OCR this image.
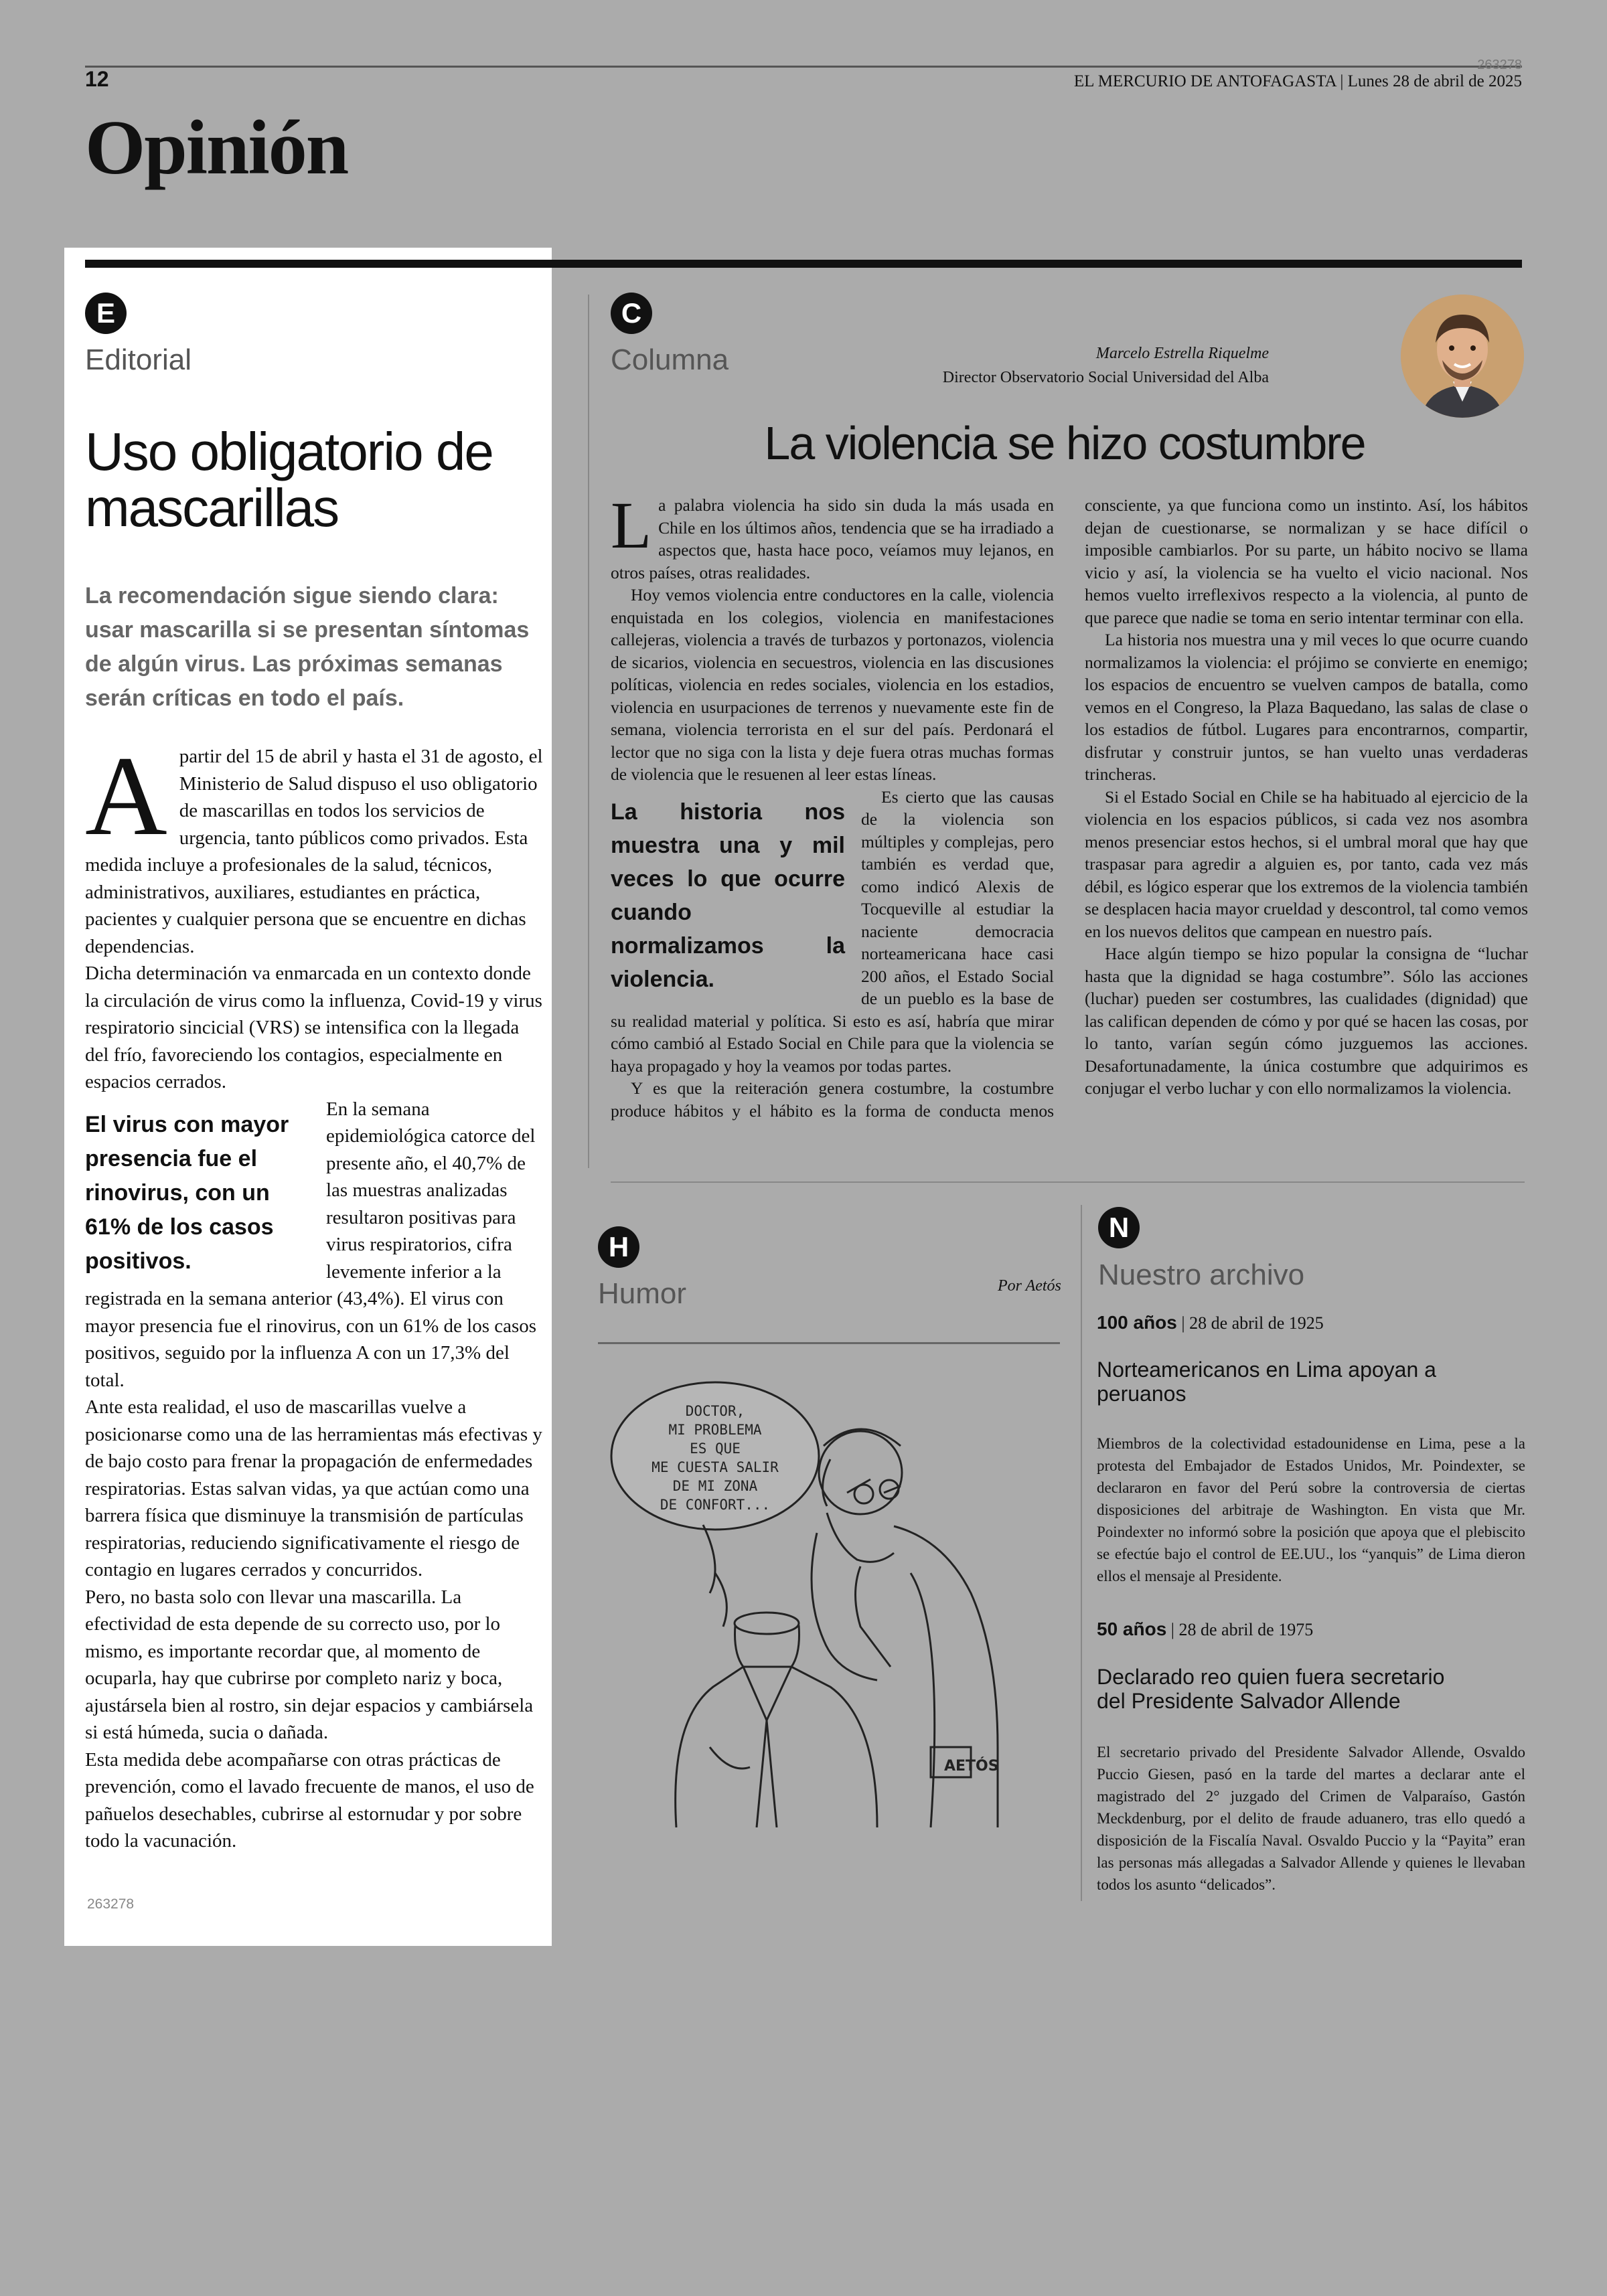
12
263278
EL MERCURIO DE ANTOFAGASTA | Lunes 28 de abril de 2025
Opinión
E
Editorial
Uso obligatorio de mascarillas
La recomendación sigue siendo clara: usar mascarilla si se presentan síntomas de algún virus. Las próximas semanas serán críticas en todo el país.

Apartir del 15 de abril y hasta el 31 de agosto, el Ministerio de Salud dispuso el uso obligatorio de mascarillas en todos los servicios de urgencia, tanto públicos como privados. Esta medida incluye a profesionales de la salud, técnicos, administrativos, auxiliares, estudiantes en práctica, pacientes y cualquier persona que se encuentre en dichas dependencias.

Dicha determinación va enmarcada en un contexto donde la circulación de virus como la influenza, Covid-19 y virus respiratorio sincicial (VRS) se intensifica con la llegada del frío, favoreciendo los contagios, especialmente en espacios cerrados.

El virus con mayor presencia fue el rinovirus, con un 61% de los casos positivos.

En la semana epidemiológica catorce del presente año, el 40,7% de las muestras analizadas resultaron positivas para virus respiratorios, cifra levemente inferior a la registrada en la semana anterior (43,4%). El virus con mayor presencia fue el rinovirus, con un 61% de los casos positivos, seguido por la influenza A con un 17,3% del total.

Ante esta realidad, el uso de mascarillas vuelve a posicionarse como una de las herramientas más efectivas y de bajo costo para frenar la propagación de enfermedades respiratorias. Estas salvan vidas, ya que actúan como una barrera física que disminuye la transmisión de partículas respiratorias, reduciendo significativamente el riesgo de contagio en lugares cerrados y concurridos.

Pero, no basta solo con llevar una mascarilla. La efectividad de esta depende de su correcto uso, por lo mismo, es importante recordar que, al momento de ocuparla, hay que cubrirse por completo nariz y boca, ajustársela bien al rostro, sin dejar espacios y cambiársela si está húmeda, sucia o dañada.

Esta medida debe acompañarse con otras prácticas de prevención, como el lavado frecuente de manos, el uso de pañuelos desechables, cubrirse al estornudar y por sobre todo la vacunación.

263278
C
Columna	Marcelo Estrella Riquelme
Director Observatorio Social Universidad del Alba
La violencia se hizo costumbre

La palabra violencia ha sido sin duda la más usada en Chile en los últimos años, tendencia que se ha irradiado a aspectos que, hasta hace poco, veíamos muy lejanos, en otros países, otras realidades.

Hoy vemos violencia entre conductores en la calle, violencia enquistada en los colegios, violencia en manifestaciones callejeras, violencia a través de turbazos y portonazos, violencia de sicarios, violencia en secuestros, violencia en las discusiones políticas, violencia en redes sociales, violencia en los estadios, violencia en usurpaciones de terrenos y nuevamente este fin de semana, violencia terrorista en el sur del país. Perdonará el lector que no siga con la lista y deje fuera otras muchas formas de violencia que le resuenen al leer estas líneas.

La historia nos muestra una y mil veces lo que ocurre cuando normalizamos la violencia.

Es cierto que las causas de la violencia son múltiples y complejas, pero también es verdad que, como indicó Alexis de Tocqueville al estudiar la naciente democracia norteamericana hace casi 200 años, el Estado Social de un pueblo es la base de su realidad material y política. Si esto es así, habría que mirar cómo cambió al Estado Social en Chile para que la violencia se haya propagado y hoy la veamos por todas partes.

Y es que la reiteración genera costumbre, la costumbre produce hábitos y el hábito es la forma de conducta menos consciente, ya que funciona como un instinto. Así, los hábitos dejan de cuestionarse, se normalizan y se hace difícil o imposible cambiarlos. Por su parte, un hábito nocivo se llama vicio y así, la violencia se ha vuelto el vicio nacional. Nos hemos vuelto irreflexivos respecto a la violencia, al punto de que parece que nadie se toma en serio intentar terminar con ella.

La historia nos muestra una y mil veces lo que ocurre cuando normalizamos la violencia: el prójimo se convierte en enemigo; los espacios de encuentro se vuelven campos de batalla, como vemos en el Congreso, la Plaza Baquedano, las salas de clase o los estadios de fútbol. Lugares para encontrarnos, compartir, disfrutar y construir juntos, se han vuelto unas verdaderas trincheras.

Si el Estado Social en Chile se ha habituado al ejercicio de la violencia en los espacios públicos, si cada vez nos asombra menos presenciar estos hechos, si el umbral moral que hay que traspasar para agredir a alguien es, por tanto, cada vez más débil, es lógico esperar que los extremos de la violencia también se desplacen hacia mayor crueldad y descontrol, tal como vemos en los nuevos delitos que campean en nuestro país.

Hace algún tiempo se hizo popular la consigna de “luchar hasta que la dignidad se haga costumbre”. Sólo las acciones (luchar) pueden ser costumbres, las cualidades (dignidad) que las califican dependen de cómo y por qué se hacen las cosas, por lo tanto, varían según cómo juzguemos las acciones. Desafortunadamente, la única costumbre que adquirimos es conjugar el verbo luchar y con ello normalizamos la violencia.

H
Humor	Por Aetós
AETÓS
DOCTOR,
MI PROBLEMA
ES QUE
ME CUESTA SALIR
DE MI ZONA
DE CONFORT...
N
Nuestro archivo
100 años | 28 de abril de 1925
Norteamericanos en Lima apoyan a peruanos
Miembros de la colectividad estadounidense en Lima, pese a la protesta del Embajador de Estados Unidos, Mr. Poindexter, se declararon en favor del Perú sobre la controversia de ciertas disposiciones del arbitraje de Washington. En vista que Mr. Poindexter no informó sobre la posición que apoya que el plebiscito se efectúe bajo el control de EE.UU., los “yanquis” de Lima dieron ellos el mensaje al Presidente.
50 años | 28 de abril de 1975
Declarado reo quien fuera secretario del Presidente Salvador Allende
El secretario privado del Presidente Salvador Allende, Osvaldo Puccio Giesen, pasó en la tarde del martes a declarar ante el magistrado del 2° juzgado del Crimen de Valparaíso, Gastón Meckdenburg, por el delito de fraude aduanero, tras ello quedó a disposición de la Fiscalía Naval. Osvaldo Puccio y la “Payita” eran las personas más allegadas a Salvador Allende y quienes le llevaban todos los asunto “delicados”.
